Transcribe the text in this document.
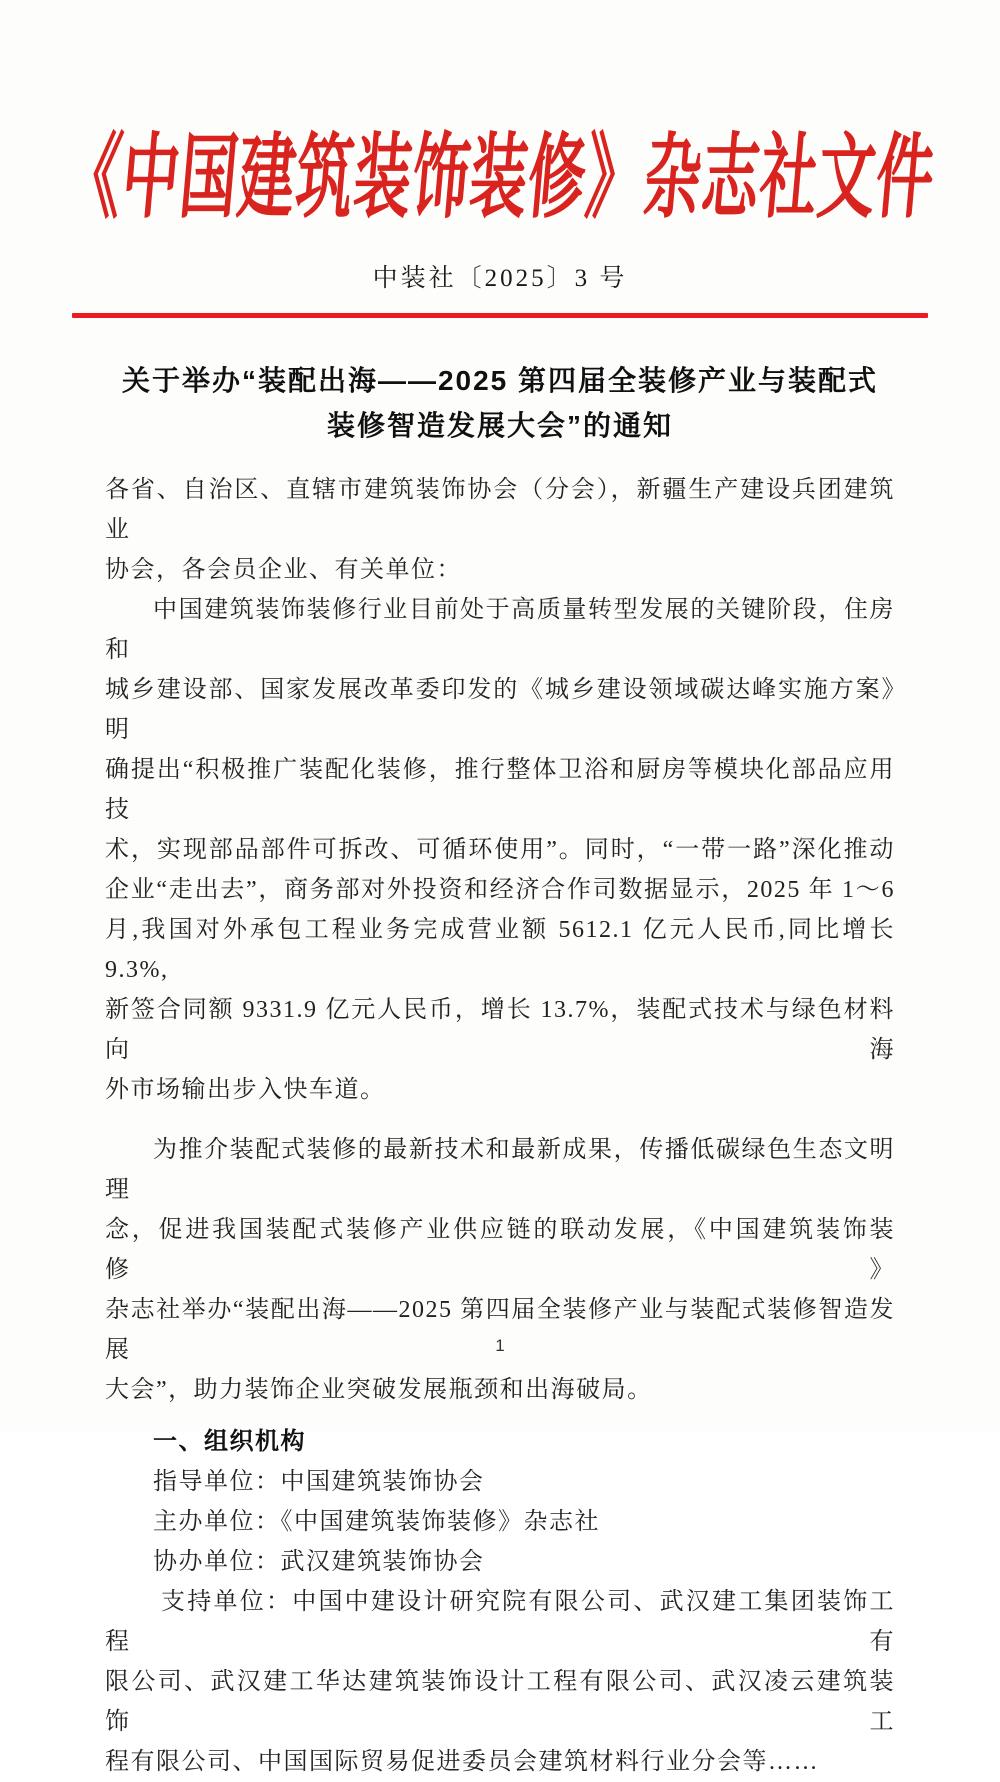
《中国建筑装饰装修》杂志社文件
中装社〔2025〕3 号
关于举办“装配出海——2025 第四届全装修产业与装配式
装修智造发展大会”的通知
各省、自治区、直辖市建筑装饰协会（分会），新疆生产建设兵团建筑业
协会，各会员企业、有关单位：
中国建筑装饰装修行业目前处于高质量转型发展的关键阶段，住房和
城乡建设部、国家发展改革委印发的《城乡建设领域碳达峰实施方案》明
确提出“积极推广装配化装修，推行整体卫浴和厨房等模块化部品应用技
术，实现部品部件可拆改、可循环使用”。同时，“一带一路”深化推动
企业“走出去”，商务部对外投资和经济合作司数据显示，2025 年 1～6
月,我国对外承包工程业务完成营业额 5612.1 亿元人民币,同比增长 9.3%,
新签合同额 9331.9 亿元人民币，增长 13.7%，装配式技术与绿色材料向海
外市场输出步入快车道。
为推介装配式装修的最新技术和最新成果，传播低碳绿色生态文明理
念，促进我国装配式装修产业供应链的联动发展，《中国建筑装饰装修》
杂志社举办“装配出海——2025 第四届全装修产业与装配式装修智造发展
大会”，助力装饰企业突破发展瓶颈和出海破局。
一、组织机构
指导单位：中国建筑装饰协会
主办单位：《中国建筑装饰装修》杂志社
协办单位：武汉建筑装饰协会
支持单位：中国中建设计研究院有限公司、武汉建工集团装饰工程有
限公司、武汉建工华达建筑装饰设计工程有限公司、武汉凌云建筑装饰工
程有限公司、中国国际贸易促进委员会建筑材料行业分会等……
1
